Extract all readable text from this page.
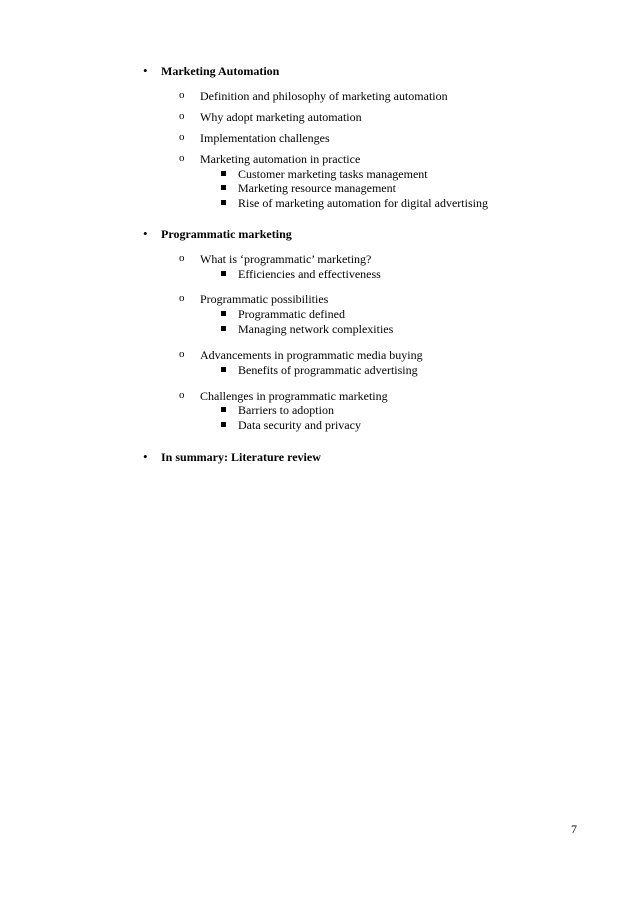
• Marketing Automation
o Definition and philosophy of marketing automation
o Why adopt marketing automation
o Implementation challenges
o Marketing automation in practice
Customer marketing tasks management
Marketing resource management
Rise of marketing automation for digital advertising
• Programmatic marketing
o What is ‘programmatic’ marketing?
Efficiencies and effectiveness
o Programmatic possibilities
Programmatic defined
Managing network complexities
o Advancements in programmatic media buying
Benefits of programmatic advertising
o Challenges in programmatic marketing
Barriers to adoption
Data security and privacy
• In summary: Literature review
7
